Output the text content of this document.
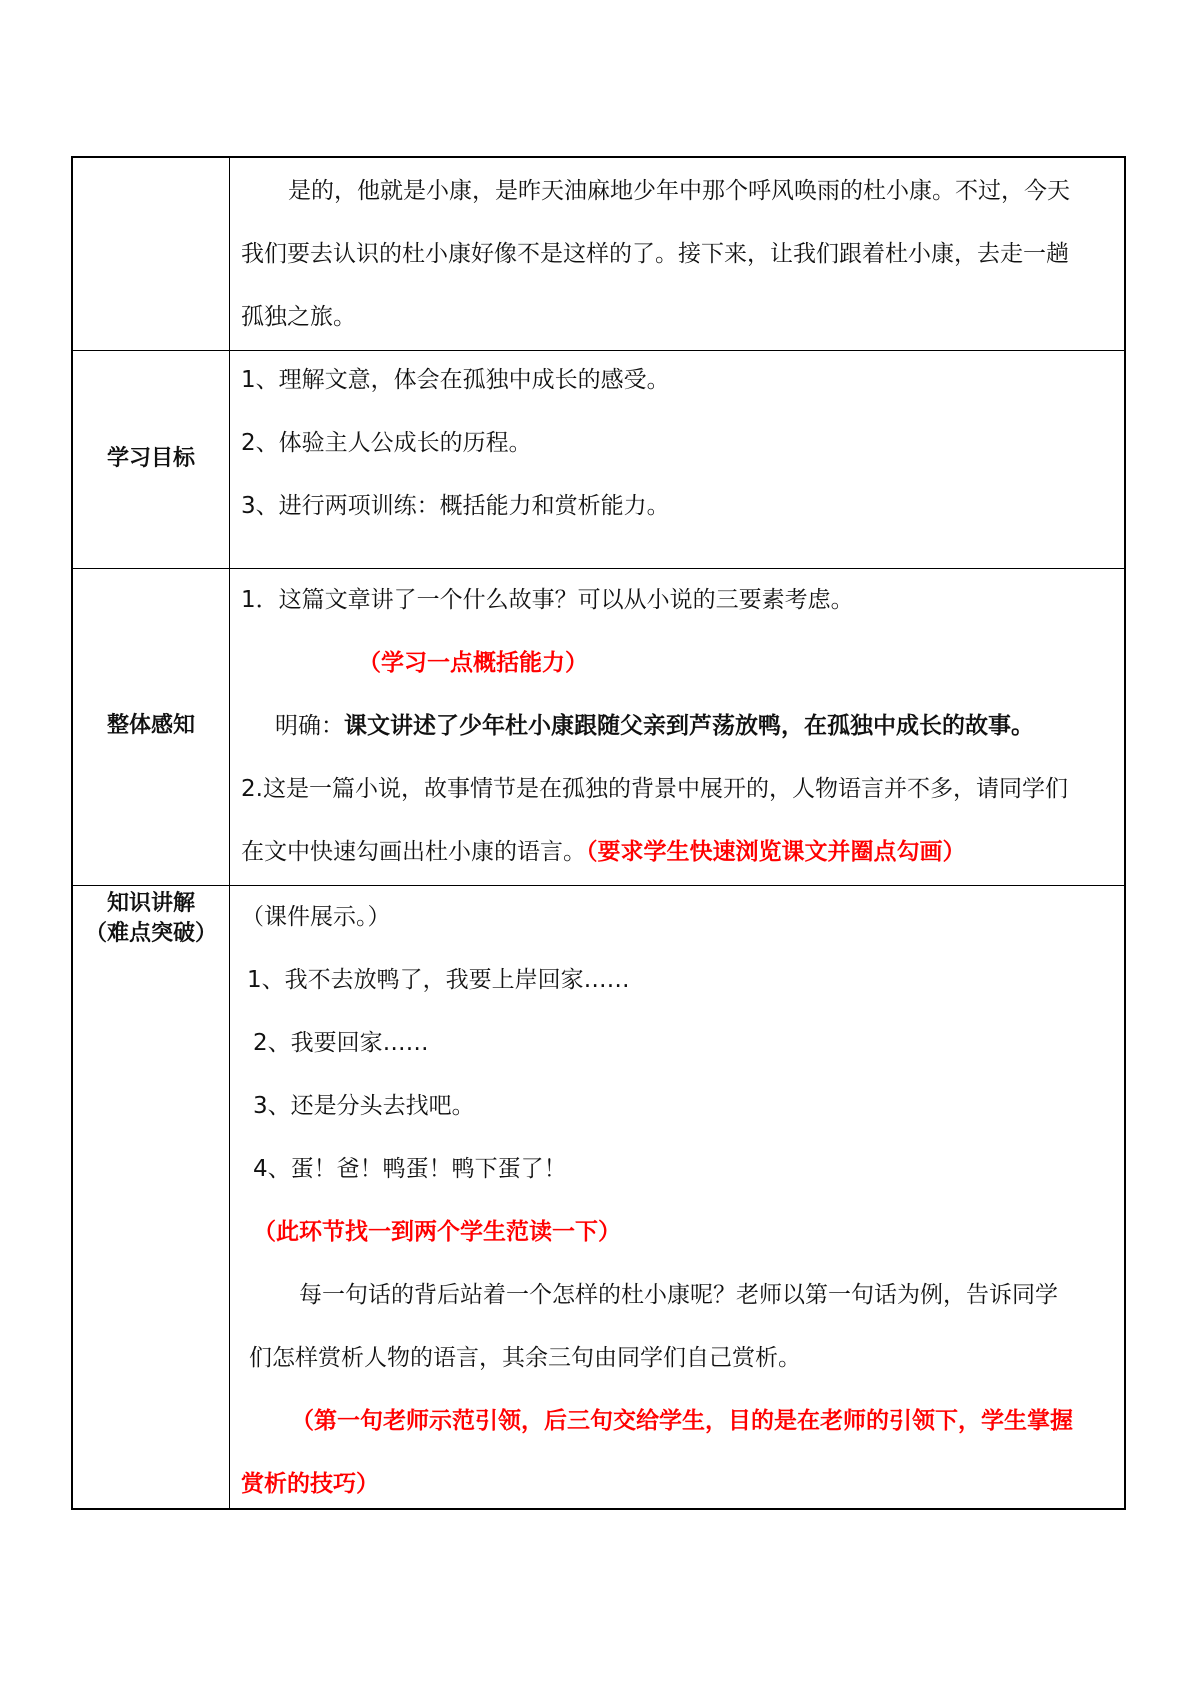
是的，他就是小康，是昨天油麻地少年中那个呼风唤雨的杜小康。不过，今天
我们要去认识的杜小康好像不是这样的了。接下来，让我们跟着杜小康，去走一趟
孤独之旅。
学习目标
1、理解文意，体会在孤独中成长的感受。
2、体验主人公成长的历程。
3、进行两项训练：概括能力和赏析能力。
整体感知
1．这篇文章讲了一个什么故事？可以从小说的三要素考虑。
（学习一点概括能力）
明确：课文讲述了少年杜小康跟随父亲到芦荡放鸭，在孤独中成长的故事。
2.这是一篇小说，故事情节是在孤独的背景中展开的，人物语言并不多，请同学们
在文中快速勾画出杜小康的语言。（要求学生快速浏览课文并圈点勾画）
知识讲解
（难点突破）
（课件展示。）
1、我不去放鸭了，我要上岸回家……
2、我要回家……
3、还是分头去找吧。
4、蛋！爸！鸭蛋！鸭下蛋了！
（此环节找一到两个学生范读一下）
每一句话的背后站着一个怎样的杜小康呢？老师以第一句话为例，告诉同学
们怎样赏析人物的语言，其余三句由同学们自己赏析。
（第一句老师示范引领，后三句交给学生，目的是在老师的引领下，学生掌握
赏析的技巧）
